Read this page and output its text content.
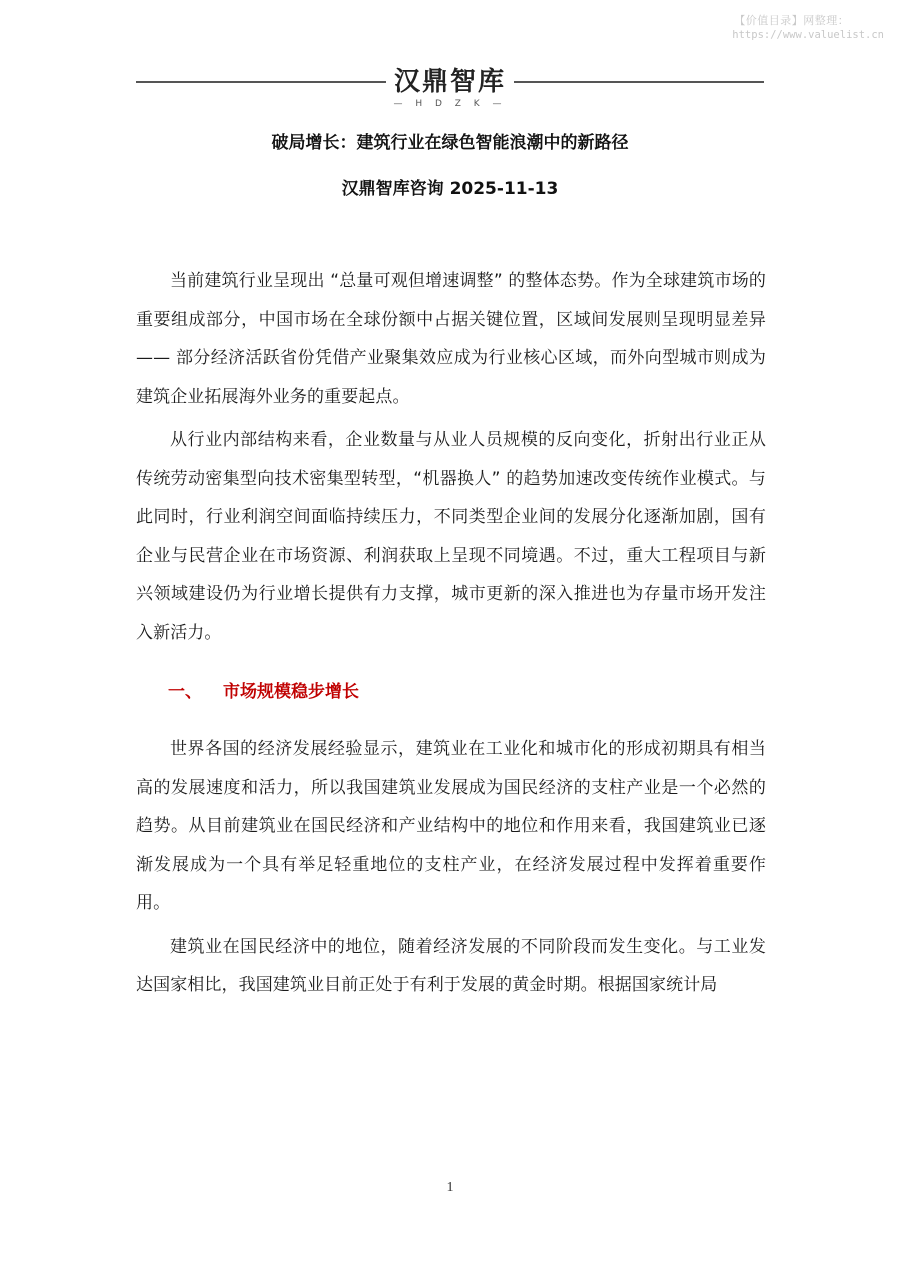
【价值目录】网整理：
https://www.valuelist.cn
汉鼎智库
— H D Z K —
破局增长：建筑行业在绿色智能浪潮中的新路径
汉鼎智库咨询 2025-11-13

当前建筑行业呈现出 “总量可观但增速调整” 的整体态势。作为全球建筑市场的重要组成部分，中国市场在全球份额中占据关键位置，区域间发展则呈现明显差异 —— 部分经济活跃省份凭借产业聚集效应成为行业核心区域，而外向型城市则成为建筑企业拓展海外业务的重要起点。

从行业内部结构来看，企业数量与从业人员规模的反向变化，折射出行业正从传统劳动密集型向技术密集型转型，“机器换人” 的趋势加速改变传统作业模式。与此同时，行业利润空间面临持续压力，不同类型企业间的发展分化逐渐加剧，国有企业与民营企业在市场资源、利润获取上呈现不同境遇。不过，重大工程项目与新兴领域建设仍为行业增长提供有力支撑，城市更新的深入推进也为存量市场开发注入新活力。

一、	市场规模稳步增长

世界各国的经济发展经验显示，建筑业在工业化和城市化的形成初期具有相当高的发展速度和活力，所以我国建筑业发展成为国民经济的支柱产业是一个必然的趋势。从目前建筑业在国民经济和产业结构中的地位和作用来看，我国建筑业已逐渐发展成为一个具有举足轻重地位的支柱产业，在经济发展过程中发挥着重要作用。

建筑业在国民经济中的地位，随着经济发展的不同阶段而发生变化。与工业发达国家相比，我国建筑业目前正处于有利于发展的黄金时期。根据国家统计局

1
